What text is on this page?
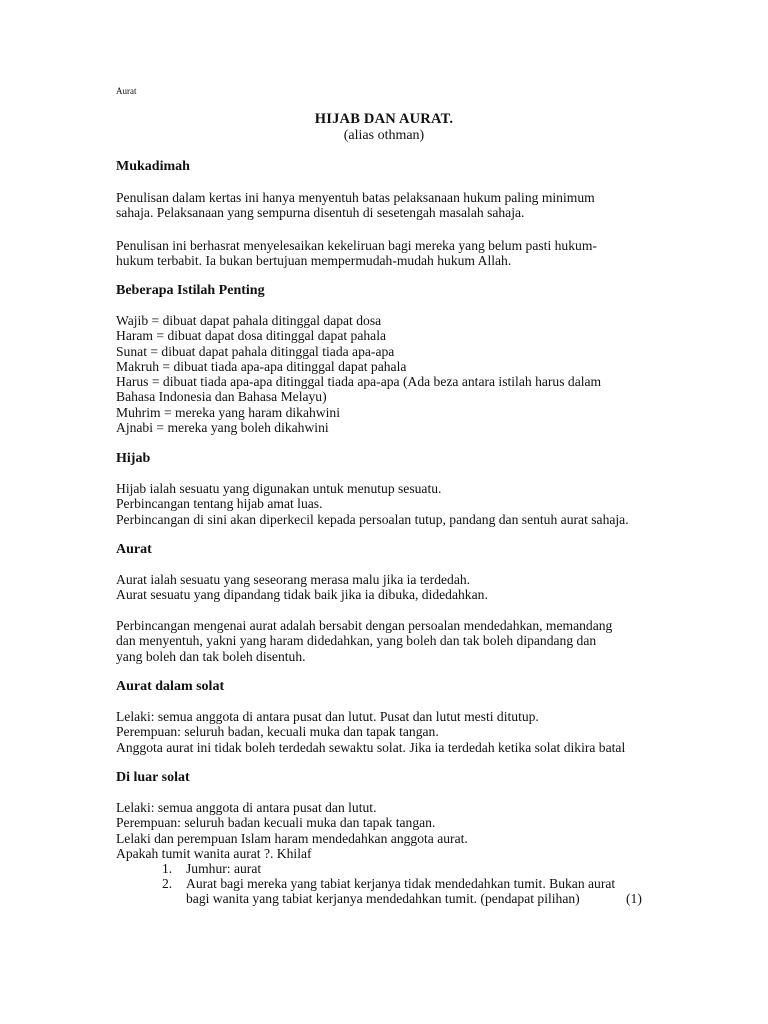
Aurat
HIJAB DAN AURAT.
(alias othman)
Mukadimah
Penulisan dalam kertas ini hanya menyentuh batas pelaksanaan hukum paling minimum
sahaja. Pelaksanaan yang sempurna disentuh di sesetengah masalah sahaja.
Penulisan ini berhasrat menyelesaikan kekeliruan bagi mereka yang belum pasti hukum-
hukum terbabit. Ia bukan bertujuan mempermudah-mudah hukum Allah.
Beberapa Istilah Penting
Wajib = dibuat dapat pahala ditinggal dapat dosa
Haram = dibuat dapat dosa ditinggal dapat pahala
Sunat = dibuat dapat pahala ditinggal tiada apa-apa
Makruh = dibuat tiada apa-apa ditinggal dapat pahala
Harus = dibuat tiada apa-apa ditinggal tiada apa-apa (Ada beza antara istilah harus dalam
Bahasa Indonesia dan Bahasa Melayu)
Muhrim = mereka yang haram dikahwini
Ajnabi = mereka yang boleh dikahwini
Hijab
Hijab ialah sesuatu yang digunakan untuk menutup sesuatu.
Perbincangan tentang hijab amat luas.
Perbincangan di sini akan diperkecil kepada persoalan tutup, pandang dan sentuh aurat sahaja.
Aurat
Aurat ialah sesuatu yang seseorang merasa malu jika ia terdedah.
Aurat sesuatu yang dipandang tidak baik jika ia dibuka, didedahkan.
Perbincangan mengenai aurat adalah bersabit dengan persoalan mendedahkan, memandang
dan menyentuh, yakni yang haram didedahkan, yang boleh dan tak boleh dipandang dan
yang boleh dan tak boleh disentuh.
Aurat dalam solat
Lelaki: semua anggota di antara pusat dan lutut. Pusat dan lutut mesti ditutup.
Perempuan: seluruh badan, kecuali muka dan tapak tangan.
Anggota aurat ini tidak boleh terdedah sewaktu solat. Jika ia terdedah ketika solat dikira batal
Di luar solat
Lelaki: semua anggota di antara pusat dan lutut.
Perempuan: seluruh badan kecuali muka dan tapak tangan.
Lelaki dan perempuan Islam haram mendedahkan anggota aurat.
Apakah tumit wanita aurat ?. Khilaf
1. Jumhur: aurat
2. Aurat bagi mereka yang tabiat kerjanya tidak mendedahkan tumit. Bukan aurat
bagi wanita yang tabiat kerjanya mendedahkan tumit. (pendapat pilihan)	(1)
